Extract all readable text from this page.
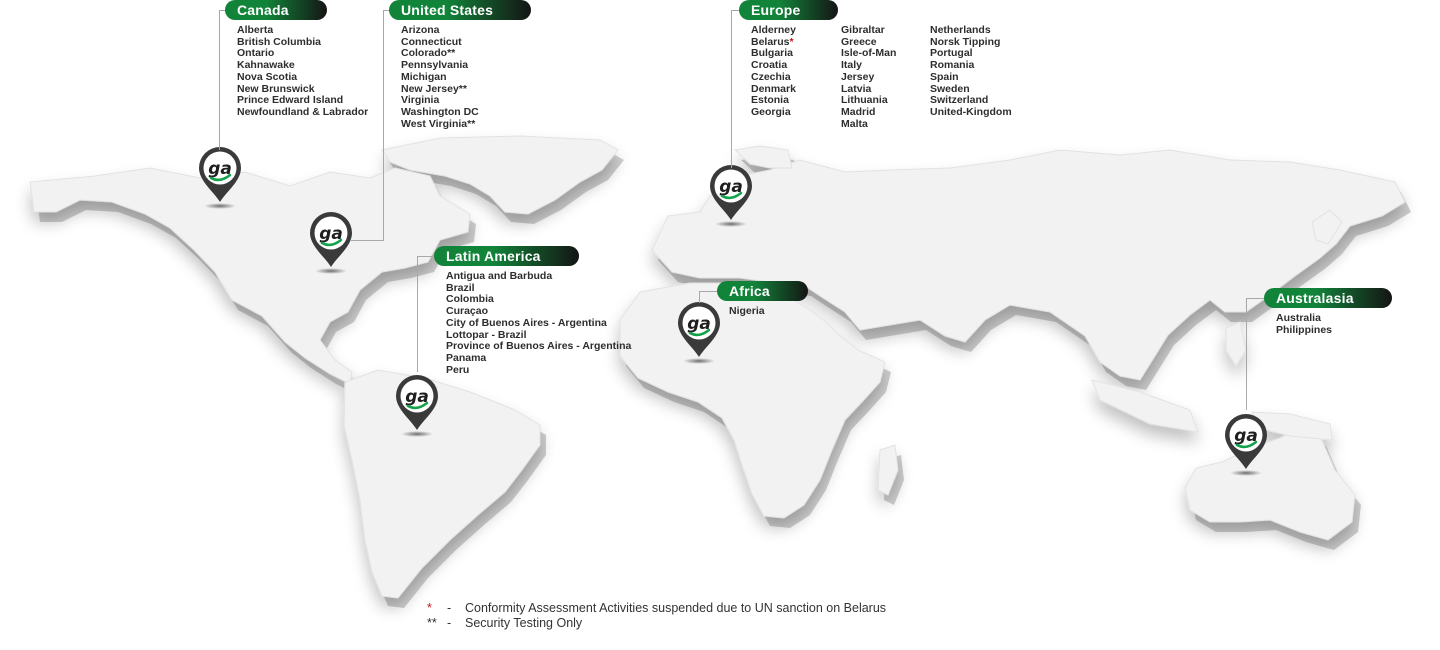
ga
ga
ga
ga
ga
ga
Canada
Alberta
British Columbia
Ontario
Kahnawake
Nova Scotia
New Brunswick
Prince Edward Island
Newfoundland & Labrador
United States
Arizona
Connecticut
Colorado**
Pennsylvania
Michigan
New Jersey**
Virginia
Washington DC
West Virginia**
Europe
Alderney
Belarus*
Bulgaria
Croatia
Czechia
Denmark
Estonia
Georgia
Gibraltar
Greece
Isle-of-Man
Italy
Jersey
Latvia
Lithuania
Madrid
Malta
Netherlands
Norsk Tipping
Portugal
Romania
Spain
Sweden
Switzerland
United-Kingdom
Latin America
Antigua and Barbuda
Brazil
Colombia
Curaçao
City of Buenos Aires - Argentina
Lottopar - Brazil
Province of Buenos Aires - Argentina
Panama
Peru
Africa
Nigeria
Australasia
Australia
Philippines
*	-	Conformity Assessment Activities suspended due to UN sanction on Belarus
** -	Security Testing Only
